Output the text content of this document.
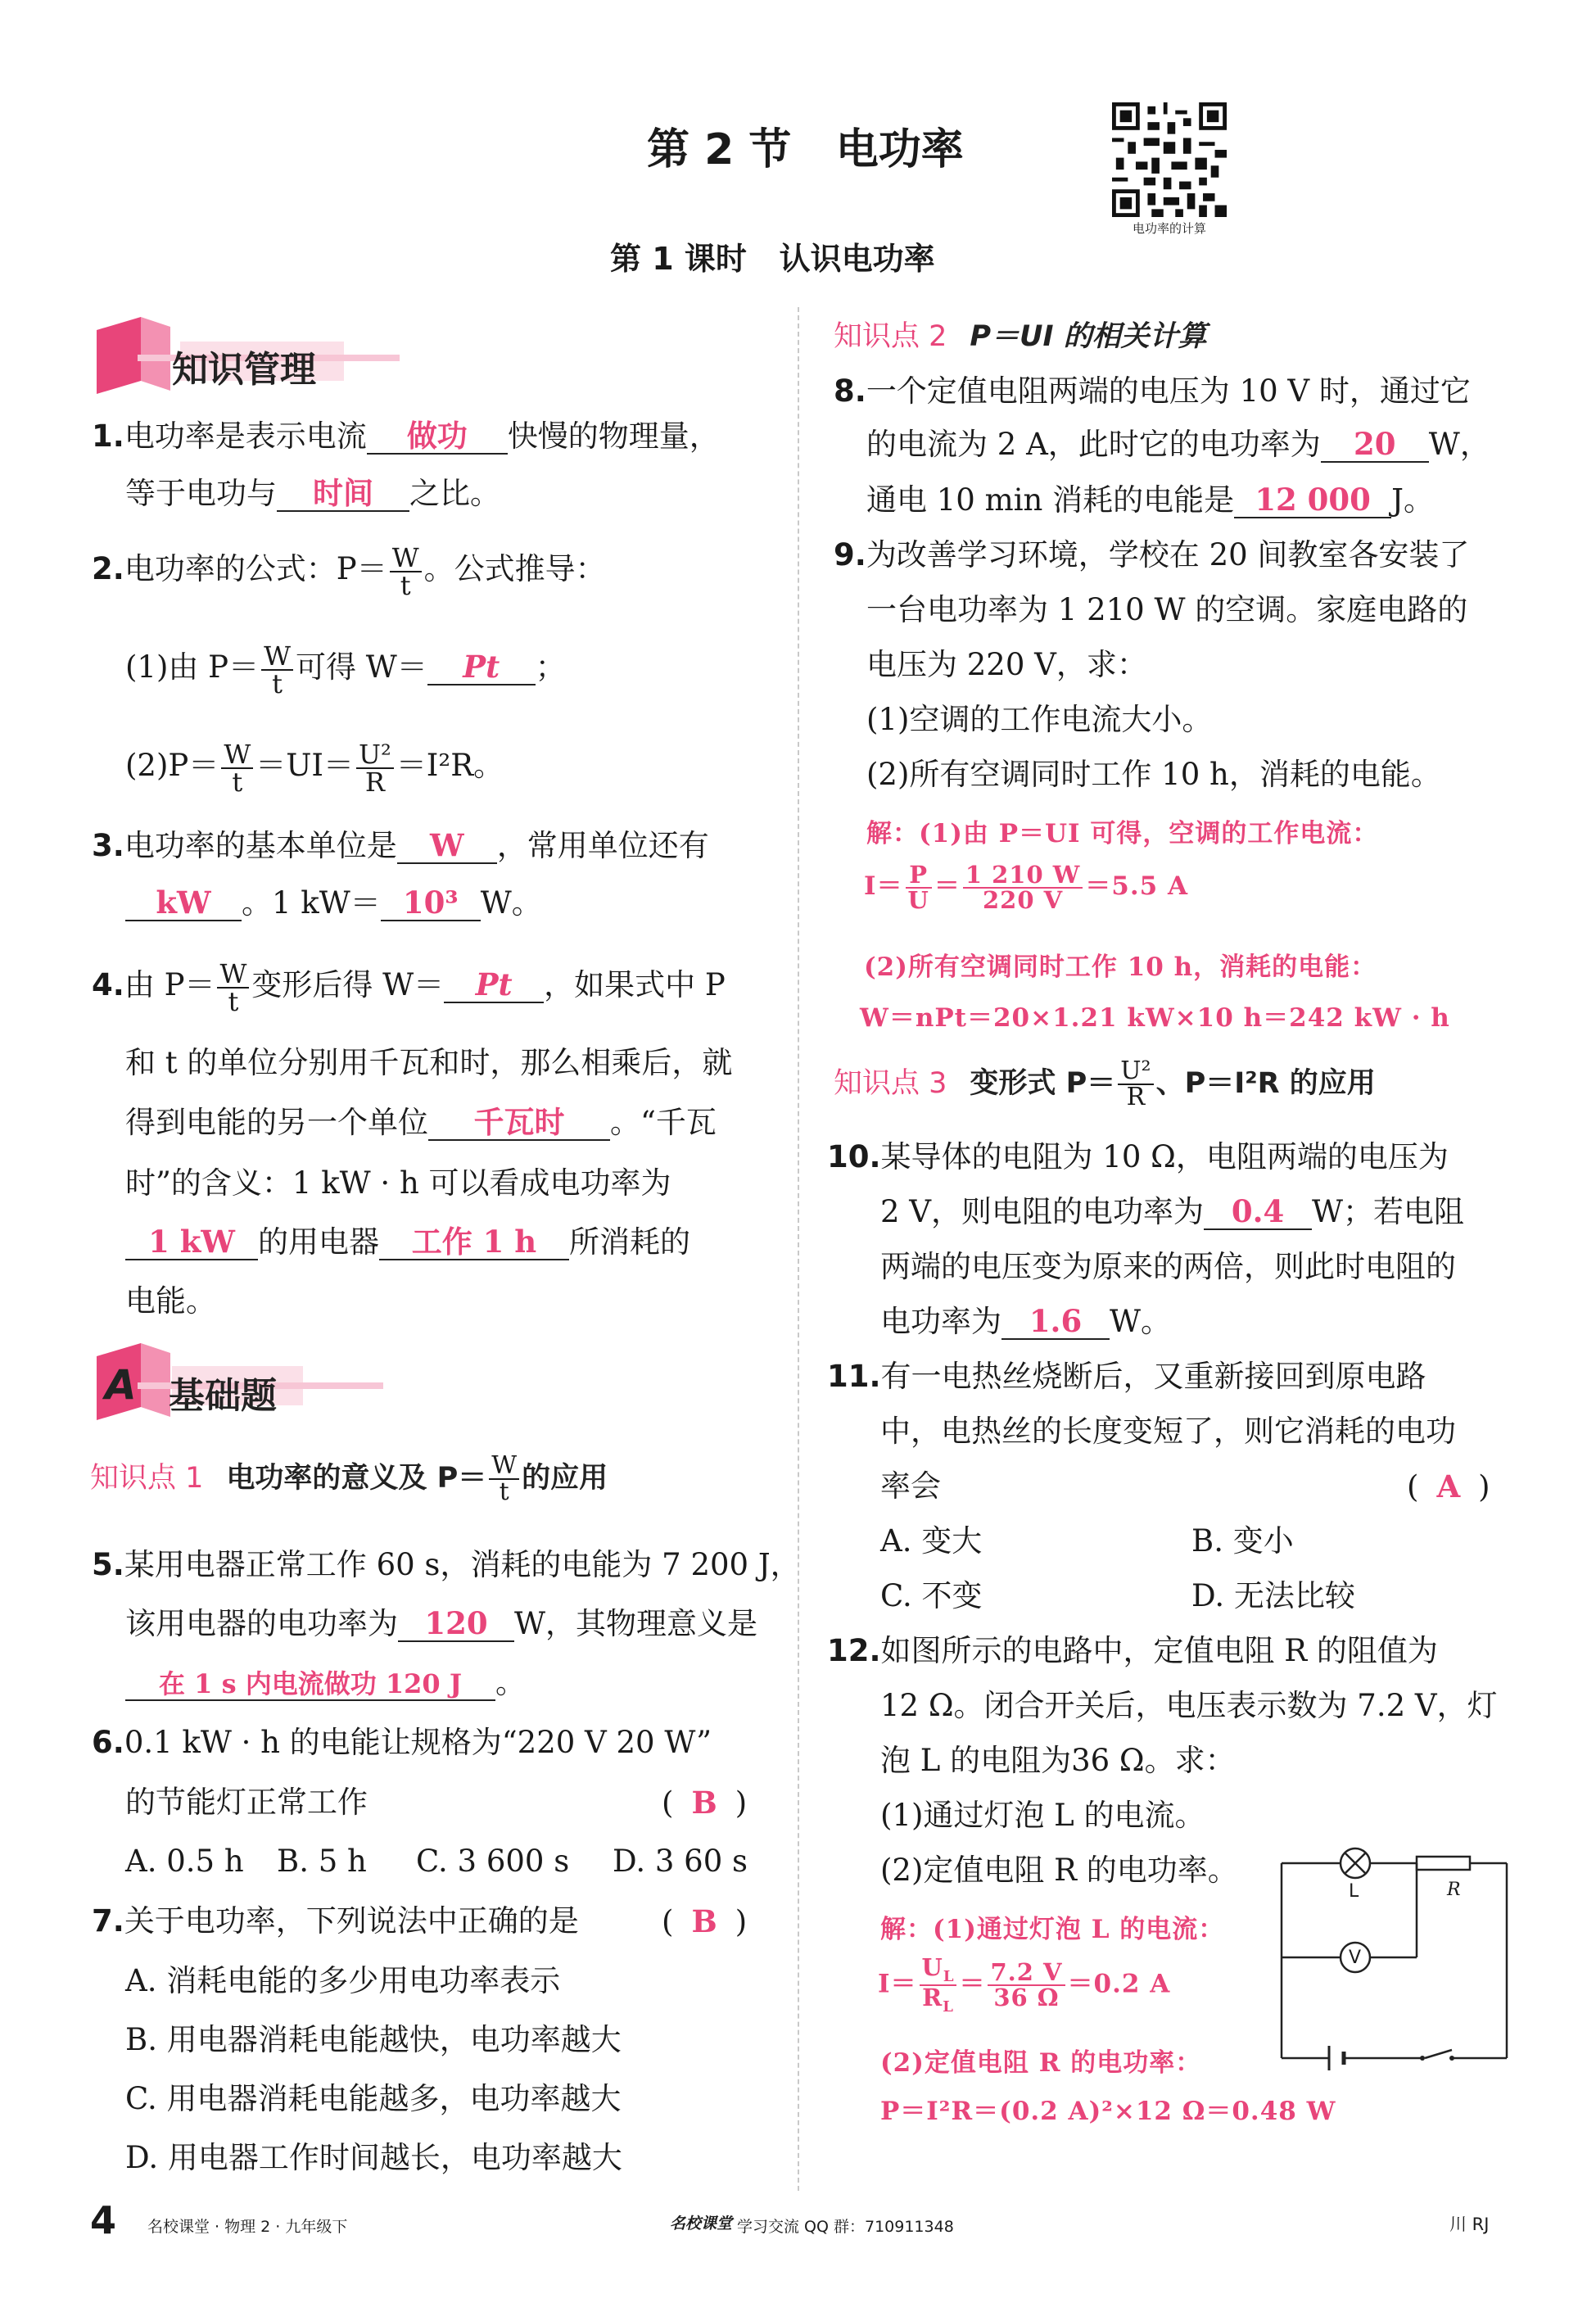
第 2 节   电功率
电功率的计算
第 1 课时   认识电功率
知识管理
1.电功率是表示电流 做功 快慢的物理量，
等于电功与 时间 之比。
2.电功率的公式：$P= \frac{W}{t}$ 。公式推导：
(1)由 $P= \frac{W}{t}$ 可得 W＝ Pt ；
$(2)P= \frac{W}{t} =UI= \frac{\text{U²}}{R} =I^2R$。
3.电功率的基本单位是 W ，常用单位还有
kW 。1 kW＝ 10³ W。
4.由 $P= \frac{W}{t}$ 变形后得 W＝ Pt ，如果式中 P
和 t 的单位分别用千瓦和时，那么相乘后，就
得到电能的另一个单位 千瓦时 。“千瓦
时”的含义：1 kW · h 可以看成电功率为
1 kW 的用电器 工作 1 h 所消耗的
电能。
A 基础题
知识点 1 电功率的意义及 $P= \frac{W}{t}$ 的应用
5.某用电器正常工作 60 s，消耗的电能为 7 200 J，
该用电器的电功率为 120 W，其物理意义是
在 1 s 内电流做功 120 J 。
6.0.1 kW · h 的电能让规格为“220 V 20 W”
的节能灯正常工作	( B )
A. 0.5 h B. 5 h C. 3 600 s D. 3 60 s
7.关于电功率，下列说法中正确的是	( B )
A. 消耗电能的多少用电功率表示
B. 用电器消耗电能越快，电功率越大
C. 用电器消耗电能越多，电功率越大
D. 用电器工作时间越长，电功率越大
知识点 2 P＝UI 的相关计算
8.一个定值电阻两端的电压为 10 V 时，通过它
的电流为 2 A，此时它的电功率为 20 W，
通电 10 min 消耗的电能是 12 000 J。
9.为改善学习环境，学校在 20 间教室各安装了
一台电功率为 1 210 W 的空调。家庭电路的
电压为 220 V，求：
(1)空调的工作电流大小。
(2)所有空调同时工作 10 h，消耗的电能。
解：(1)由 P＝UI 可得，空调的工作电流：
$I= \frac{P}{U} = \frac{1 210 W}{220 V} =5.5$ A
(2)所有空调同时工作 10 h，消耗的电能：
W＝nPt＝20×1.21 kW×10 h＝242 kW · h
知识点 3 变形式 $P= \frac{\text{U²}}{R}$ 、P＝I²R 的应用
10.某导体的电阻为 10 Ω，电阻两端的电压为
2 V，则电阻的电功率为 0.4 W；若电阻
两端的电压变为原来的两倍，则此时电阻的
电功率为 1.6 W。
11.有一电热丝烧断后，又重新接回到原电路
中，电热丝的长度变短了，则它消耗的电功
率会	( A )
A. 变大	B. 变小
C. 不变	D. 无法比较
12.如图所示的电路中，定值电阻 R 的阻值为
12 Ω。闭合开关后，电压表示数为 7.2 V，灯
泡 L 的电阻为36 Ω。求：
(1)通过灯泡 L 的电流。
(2)定值电阻 R 的电功率。
解：(1)通过灯泡 L 的电流：
$I= \frac{U_L}{R_L} = \frac{7.2 V}{36 \Omega} =0.2$ A
(2)定值电阻 R 的电功率：
P＝I²R＝(0.2 A)²×12 Ω＝0.48 W
L	R
V
4 名校课堂 · 物理 2 · 九年级下	名校课堂 学习交流 QQ 群：710911348	川 RJ
